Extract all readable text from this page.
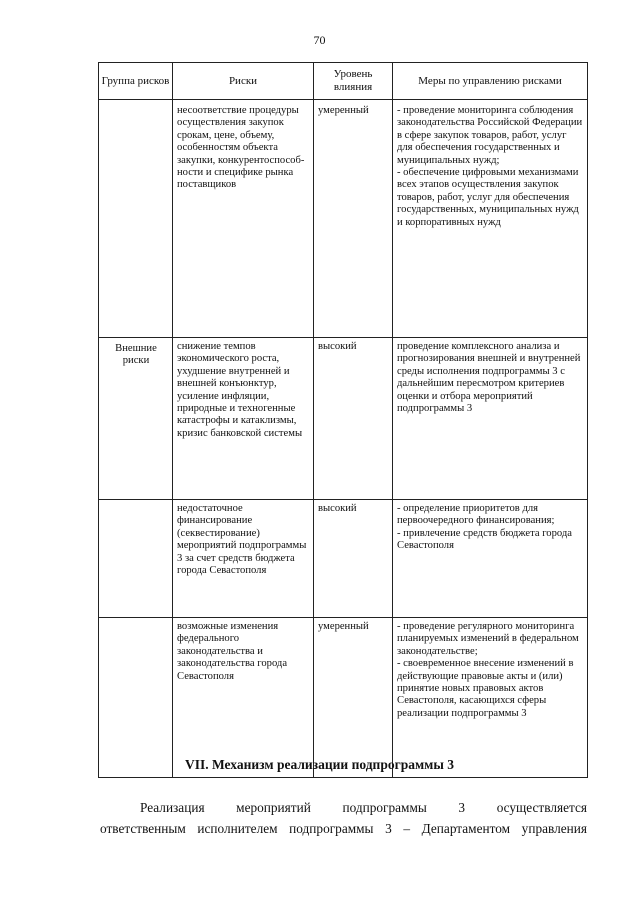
70
Группа рисков	Риски	Уровень влияния	Меры по управлению рисками
	несоответствие процедуры осуществления закупок срокам, цене, объему, особенностям объекта закупки, конкурентоспособ-ности и специфике рынка поставщиков	умеренный	- проведение мониторинга соблюдения законодательства Российской Федерации в сфере закупок товаров, работ, услуг для обеспечения государственных и муниципальных нужд;
- обеспечение цифровыми механизмами всех этапов осуществления закупок товаров, работ, услуг для обеспечения государственных, муниципальных нужд и корпоративных нужд

Внешние риски	снижение темпов экономического роста, ухудшение внутренней и внешней конъюнктур, усиление инфляции, природные и техногенные катастрофы и катаклизмы, кризис банковской системы	высокий	проведение комплексного анализа и прогнозирования внешней и внутренней среды исполнения подпрограммы 3 с дальнейшим пересмотром критериев оценки и отбора мероприятий подпрограммы 3

	недостаточное финансирование (секвестирование) мероприятий подпрограммы 3 за счет средств бюджета города Севастополя	высокий	- определение приоритетов для первоочередного финансирования;
- привлечение средств бюджета города Севастополя

	возможные изменения федерального законодательства и законодательства города Севастополя	умеренный	- проведение регулярного мониторинга планируемых изменений в федеральном законодательстве;
- своевременное внесение изменений в действующие правовые акты и (или) принятие новых правовых актов Севастополя, касающихся сферы реализации подпрограммы 3
VII. Механизм реализации подпрограммы 3
Реализация мероприятий подпрограммы 3 осуществляется
ответственным исполнителем подпрограммы 3 – Департаментом управления
